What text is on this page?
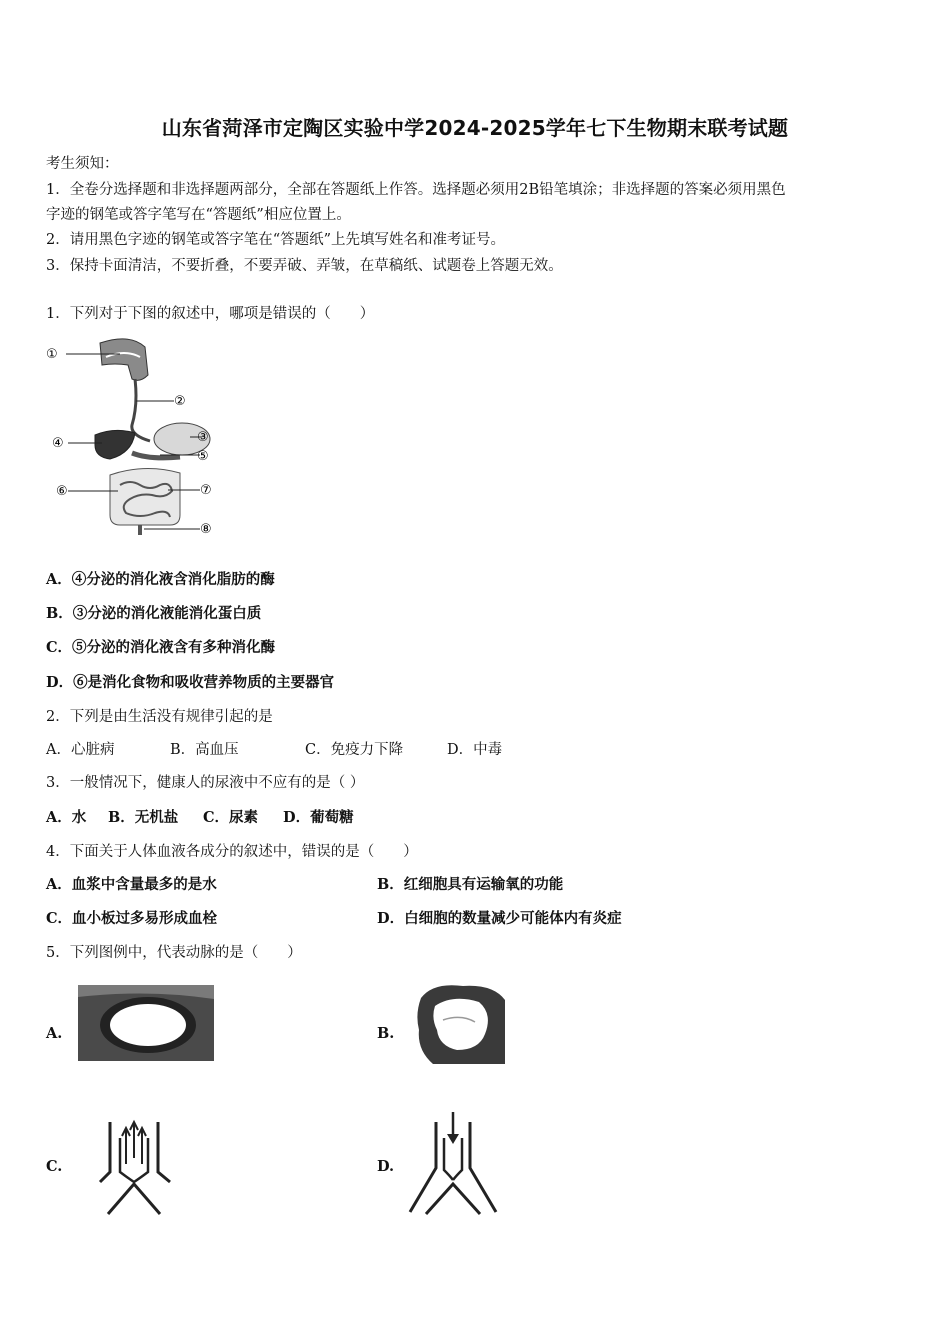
山东省菏泽市定陶区实验中学2024-2025学年七下生物期末联考试题
考生须知：
1．全卷分选择题和非选择题两部分，全部在答题纸上作答。选择题必须用2B铅笔填涂；非选择题的答案必须用黑色
字迹的钢笔或答字笔写在“答题纸”相应位置上。
2．请用黑色字迹的钢笔或答字笔在“答题纸”上先填写姓名和准考证号。
3．保持卡面清洁，不要折叠，不要弄破、弄皱，在草稿纸、试题卷上答题无效。
1．下列对于下图的叙述中，哪项是错误的（　　）
①
②
③
④
⑤
⑥	⑦
⑧
A．④分泌的消化液含消化脂肪的酶
B．③分泌的消化液能消化蛋白质
C．⑤分泌的消化液含有多种消化酶
D．⑥是消化食物和吸收营养物质的主要器官
2．下列是由生活没有规律引起的是
A．心脏病	B．高血压	C．免疫力下降	D．中毒
3．一般情况下，健康人的尿液中不应有的是（ ）
A．水 B．无机盐 C．尿素 D．葡萄糖
4．下面关于人体血液各成分的叙述中，错误的是（　　）
A．血浆中含量最多的是水	B．红细胞具有运输氧的功能
C．血小板过多易形成血栓	D．白细胞的数量减少可能体内有炎症
5．下列图例中，代表动脉的是（　　）
A.	B.
C.	D.
